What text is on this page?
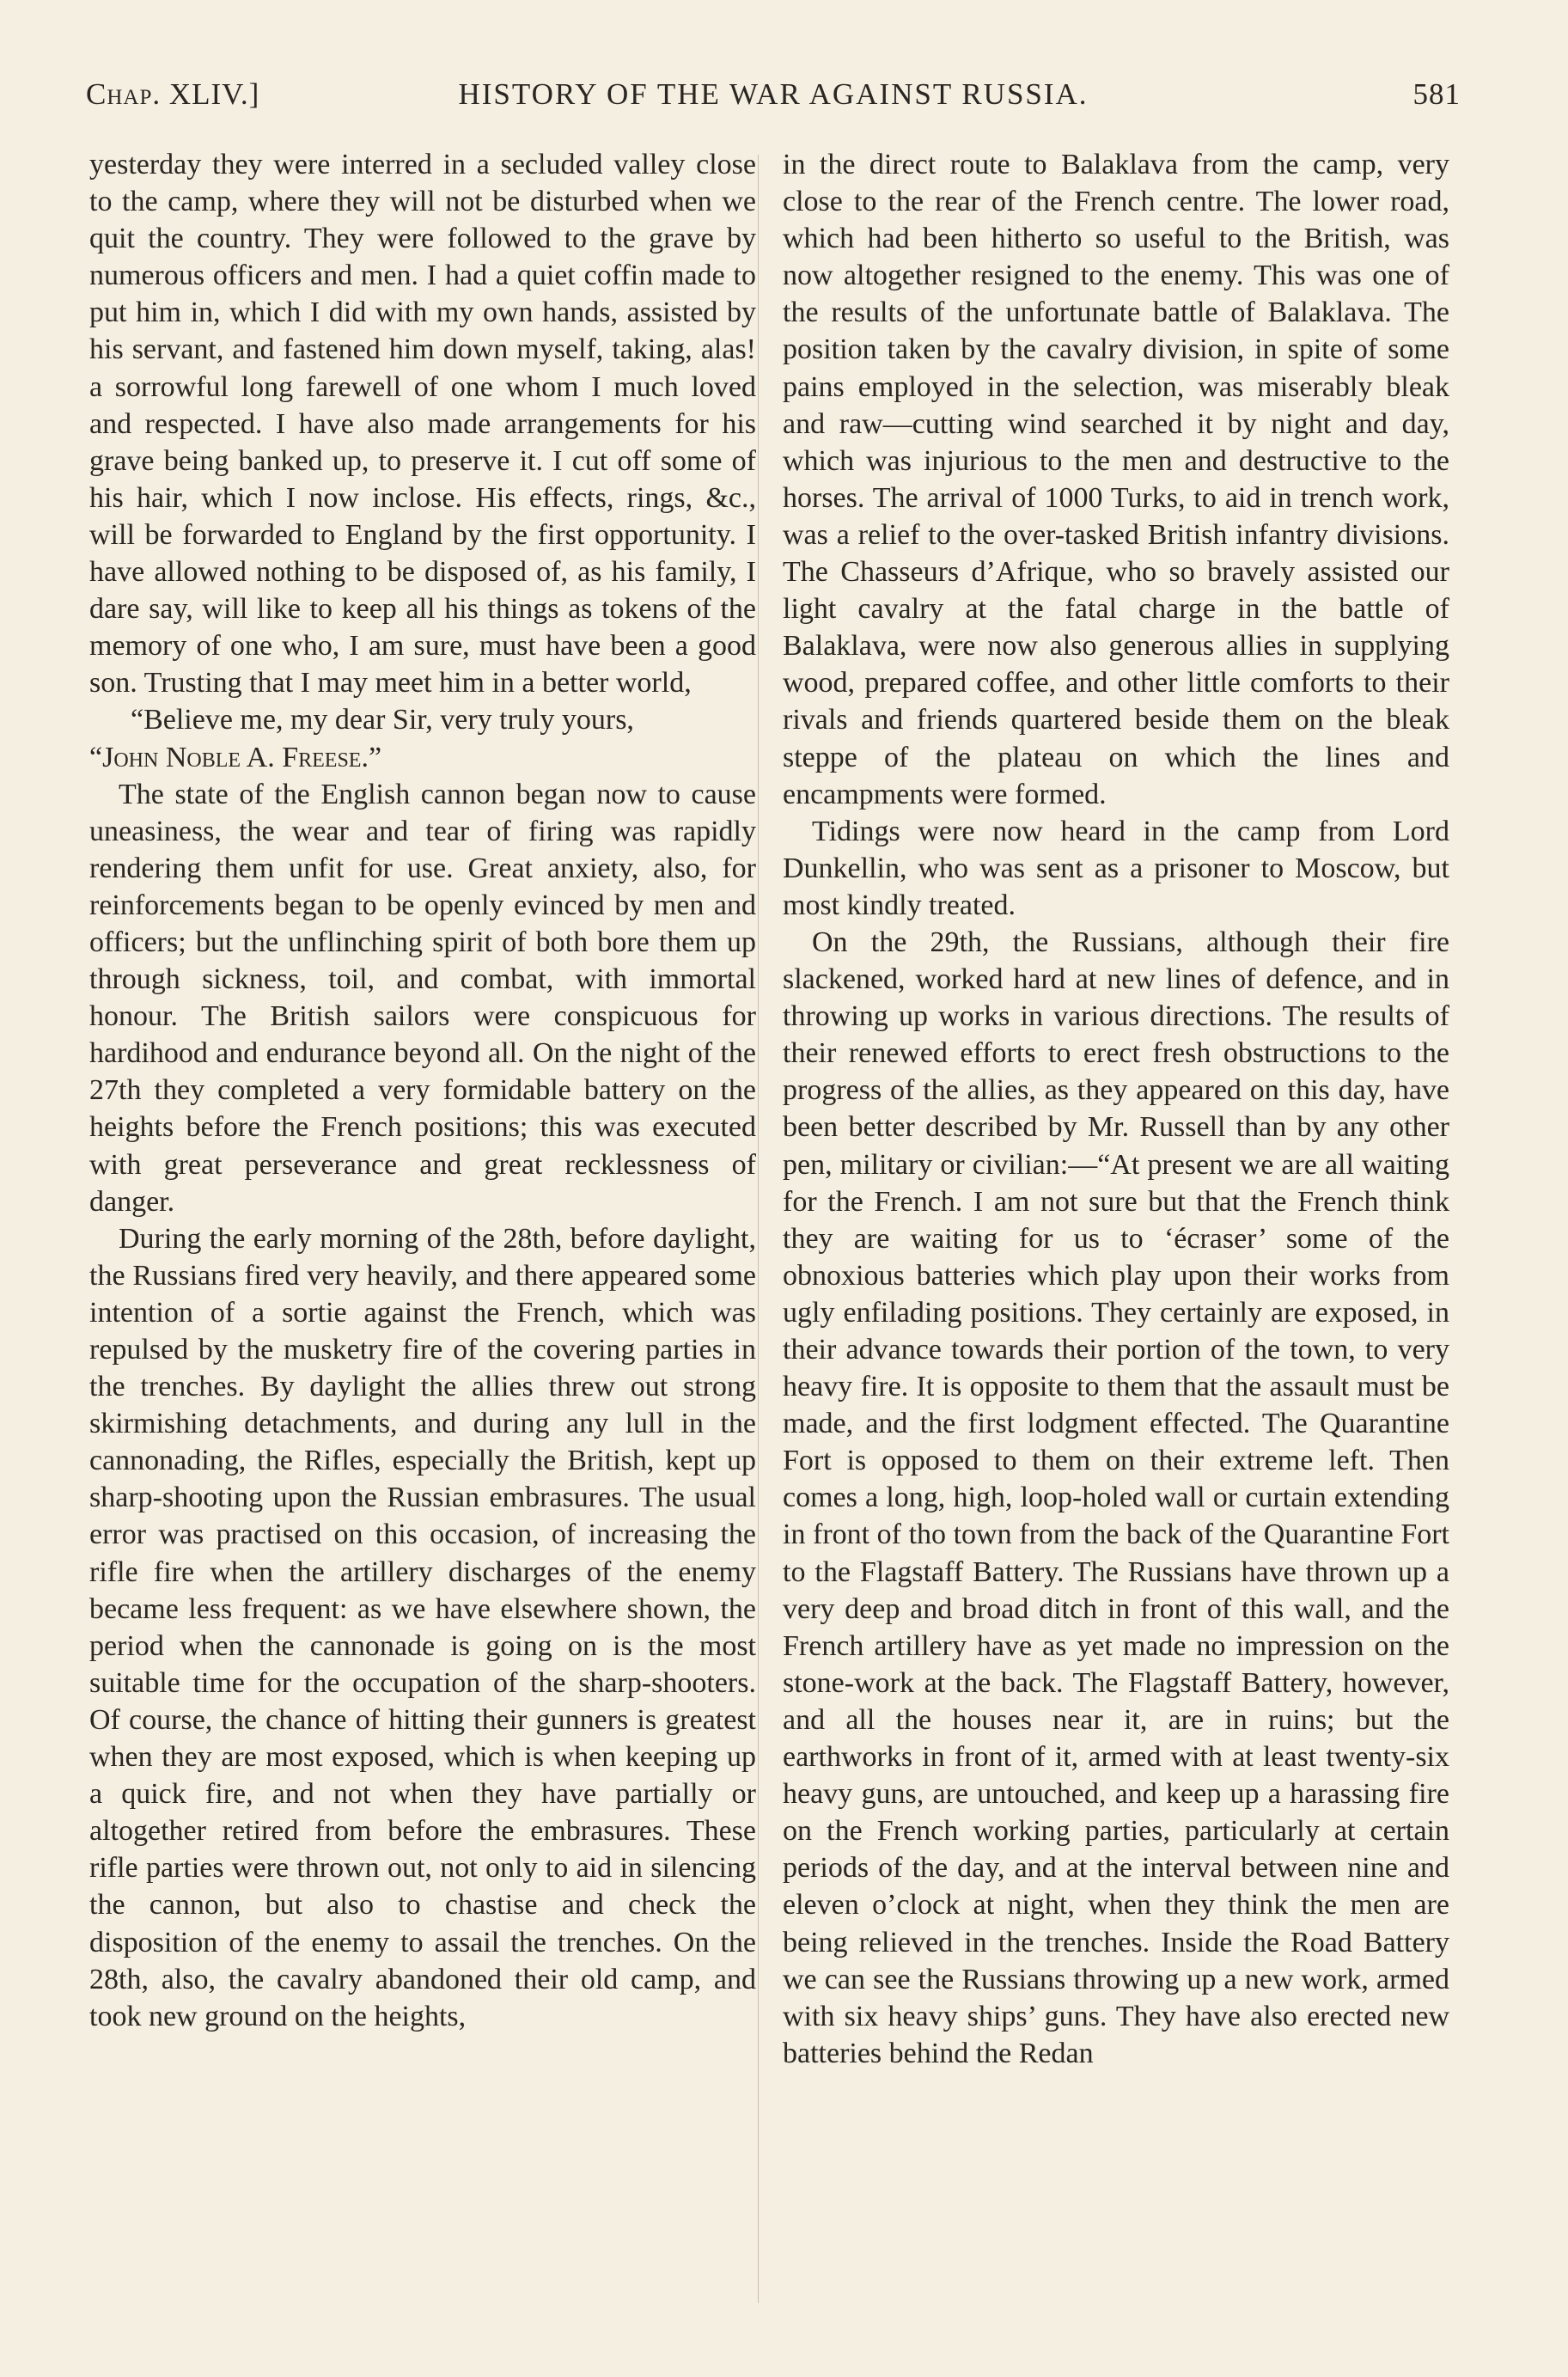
Chap. XLIV.]	HISTORY OF THE WAR AGAINST RUSSIA.	581

yesterday they were interred in a secluded valley close to the camp, where they will not be disturbed when we quit the country. They were followed to the grave by numerous officers and men. I had a quiet coffin made to put him in, which I did with my own hands, assisted by his servant, and fastened him down myself, taking, alas! a sorrowful long farewell of one whom I much loved and respected. I have also made arrangements for his grave being banked up, to preserve it. I cut off some of his hair, which I now inclose. His effects, rings, &c., will be forwarded to England by the first opportunity. I have allowed nothing to be disposed of, as his family, I dare say, will like to keep all his things as tokens of the memory of one who, I am sure, must have been a good son. Trusting that I may meet him in a better world,

“Believe me, my dear Sir, very truly yours,

“John Noble A. Freese.”

The state of the English cannon began now to cause uneasiness, the wear and tear of firing was rapidly rendering them unfit for use. Great anxiety, also, for reinforcements began to be openly evinced by men and officers; but the unflinching spirit of both bore them up through sickness, toil, and combat, with immortal honour. The British sailors were conspicuous for hardihood and endurance beyond all. On the night of the 27th they completed a very formidable battery on the heights before the French positions; this was executed with great perseverance and great recklessness of danger.

During the early morning of the 28th, before daylight, the Russians fired very heavily, and there appeared some intention of a sortie against the French, which was repulsed by the musketry fire of the covering parties in the trenches. By daylight the allies threw out strong skirmishing detachments, and during any lull in the cannonading, the Rifles, especially the British, kept up sharp-shooting upon the Russian embrasures. The usual error was practised on this occasion, of increasing the rifle fire when the artillery discharges of the enemy became less frequent: as we have elsewhere shown, the period when the cannonade is going on is the most suitable time for the occupation of the sharp-shooters. Of course, the chance of hitting their gunners is greatest when they are most exposed, which is when keeping up a quick fire, and not when they have partially or altogether retired from before the embrasures. These rifle parties were thrown out, not only to aid in silencing the cannon, but also to chastise and check the disposition of the enemy to assail the trenches. On the 28th, also, the cavalry abandoned their old camp, and took new ground on the heights,

in the direct route to Balaklava from the camp, very close to the rear of the French centre. The lower road, which had been hitherto so useful to the British, was now altogether resigned to the enemy. This was one of the results of the unfortunate battle of Balaklava. The position taken by the cavalry division, in spite of some pains employed in the selection, was miserably bleak and raw—cutting wind searched it by night and day, which was injurious to the men and destructive to the horses. The arrival of 1000 Turks, to aid in trench work, was a relief to the over-tasked British infantry divisions. The Chasseurs d’Afrique, who so bravely assisted our light cavalry at the fatal charge in the battle of Balaklava, were now also generous allies in supplying wood, prepared coffee, and other little comforts to their rivals and friends quartered beside them on the bleak steppe of the plateau on which the lines and encampments were formed.

Tidings were now heard in the camp from Lord Dunkellin, who was sent as a prisoner to Moscow, but most kindly treated.

On the 29th, the Russians, although their fire slackened, worked hard at new lines of defence, and in throwing up works in various directions. The results of their renewed efforts to erect fresh obstructions to the progress of the allies, as they appeared on this day, have been better described by Mr. Russell than by any other pen, military or civilian:—“At present we are all waiting for the French. I am not sure but that the French think they are waiting for us to ‘écraser’ some of the obnoxious batteries which play upon their works from ugly enfilading positions. They certainly are exposed, in their advance towards their portion of the town, to very heavy fire. It is opposite to them that the assault must be made, and the first lodgment effected. The Quarantine Fort is opposed to them on their extreme left. Then comes a long, high, loop-holed wall or curtain extending in front of tho town from the back of the Quarantine Fort to the Flagstaff Battery. The Russians have thrown up a very deep and broad ditch in front of this wall, and the French artillery have as yet made no impression on the stone-work at the back. The Flagstaff Battery, however, and all the houses near it, are in ruins; but the earthworks in front of it, armed with at least twenty-six heavy guns, are untouched, and keep up a harassing fire on the French working parties, particularly at certain periods of the day, and at the interval between nine and eleven o’clock at night, when they think the men are being relieved in the trenches. Inside the Road Battery we can see the Russians throwing up a new work, armed with six heavy ships’ guns. They have also erected new batteries behind the Redan
